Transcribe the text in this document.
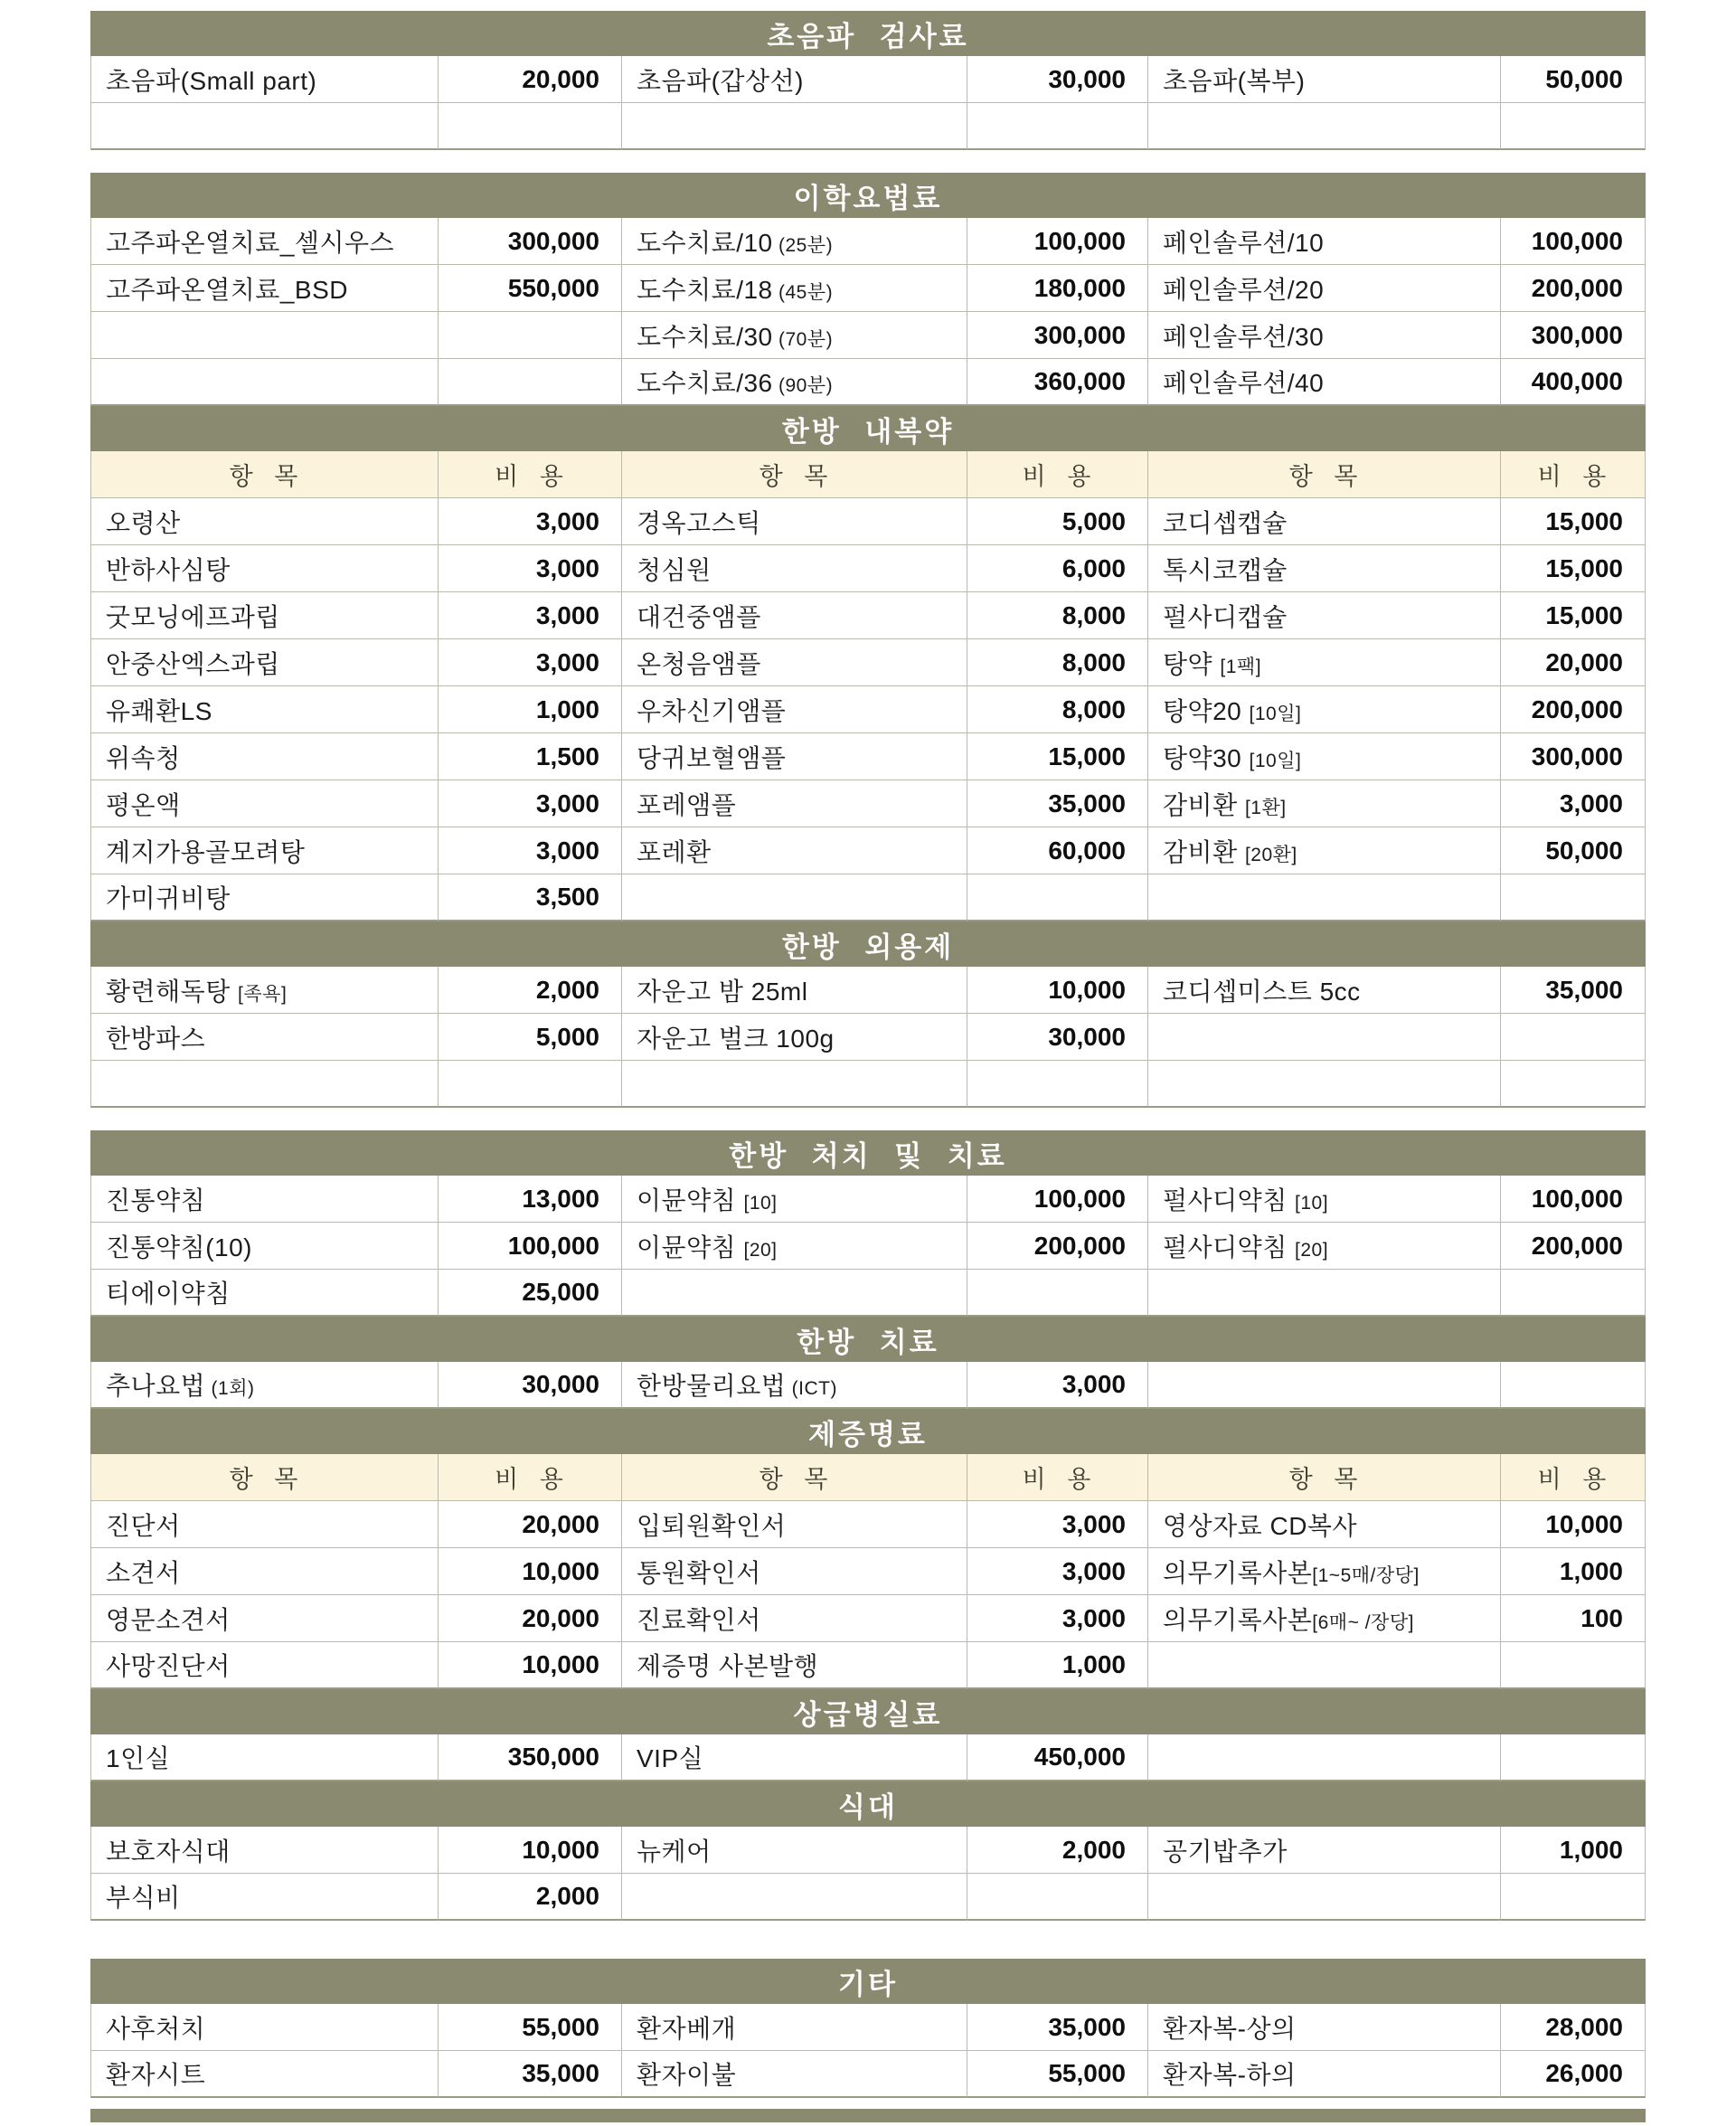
초음파 검사료
초음파(Small part)	20,000 초음파(갑상선)	30,000 초음파(복부)	50,000
이학요법료
고주파온열치료_셀시우스	300,000 도수치료/10 (25분)	100,000 페인솔루션/10	100,000
고주파온열치료_BSD	550,000 도수치료/18 (45분)	180,000 페인솔루션/20	200,000
도수치료/30 (70분)	300,000 페인솔루션/30	300,000
도수치료/36 (90분)	360,000 페인솔루션/40	400,000
한방 내복약
항 목	비 용	항 목	비 용	항 목	비 용
오령산	3,000 경옥고스틱	5,000 코디셉캡슐	15,000
반하사심탕	3,000 청심원	6,000 톡시코캡슐	15,000
굿모닝에프과립	3,000 대건중앰플	8,000 펄사디캡슐	15,000
안중산엑스과립	3,000 온청음앰플	8,000 탕약 [1팩]	20,000
유쾌환LS	1,000 우차신기앰플	8,000 탕약20 [10일]	200,000
위속청	1,500 당귀보혈앰플	15,000 탕약30 [10일]	300,000
평온액	3,000 포레앰플	35,000 감비환 [1환]	3,000
계지가용골모려탕	3,000 포레환	60,000 감비환 [20환]	50,000
가미귀비탕	3,500
한방 외용제
황련해독탕 [족욕]	2,000 자운고 밤 25ml	10,000 코디셉미스트 5cc	35,000
한방파스	5,000 자운고 벌크 100g	30,000
한방 처치 및 치료
진통약침	13,000 이뮨약침 [10]	100,000 펄사디약침 [10]	100,000
진통약침(10)	100,000 이뮨약침 [20]	200,000 펄사디약침 [20]	200,000
티에이약침	25,000
한방 치료
추나요법 (1회)	30,000 한방물리요법 (ICT)	3,000
제증명료
항 목	비 용	항 목	비 용	항 목	비 용
진단서	20,000 입퇴원확인서	3,000 영상자료 CD복사	10,000
소견서	10,000 통원확인서	3,000 의무기록사본[1~5매/장당]	1,000
영문소견서	20,000 진료확인서	3,000 의무기록사본[6매~ /장당]	100
사망진단서	10,000 제증명 사본발행	1,000
상급병실료
1인실	350,000 VIP실	450,000
식대
보호자식대	10,000 뉴케어	2,000 공기밥추가	1,000
부식비	2,000
기타
사후처치	55,000 환자베개	35,000 환자복-상의	28,000
환자시트	35,000 환자이불	55,000 환자복-하의	26,000
